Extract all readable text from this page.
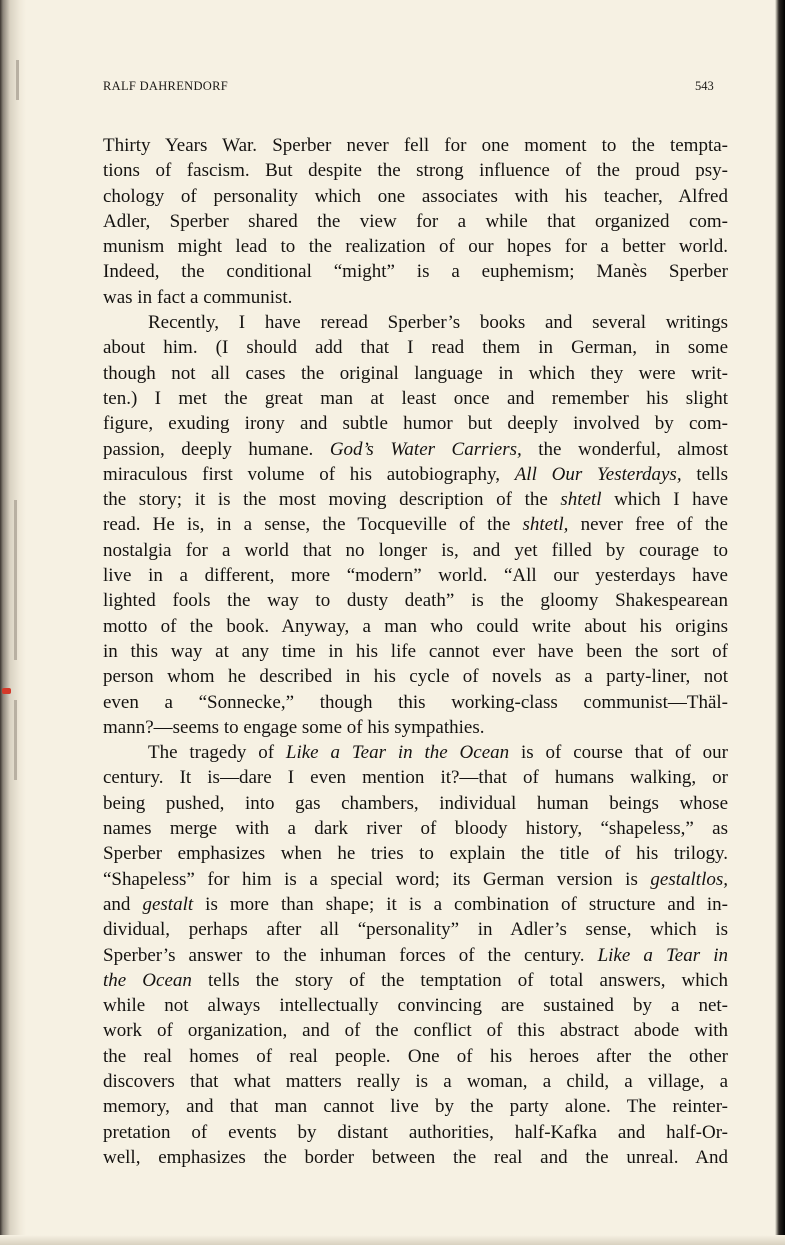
RALF DAHRENDORF	543
Thirty Years War. Sperber never fell for one moment to the tempta-
tions of fascism. But despite the strong influence of the proud psy-
chology of personality which one associates with his teacher, Alfred
Adler, Sperber shared the view for a while that organized com-
munism might lead to the realization of our hopes for a better world.
Indeed, the conditional “might” is a euphemism; Manès Sperber
was in fact a communist.
Recently, I have reread Sperber’s books and several writings
about him. (I should add that I read them in German, in some
though not all cases the original language in which they were writ-
ten.) I met the great man at least once and remember his slight
figure, exuding irony and subtle humor but deeply involved by com-
passion, deeply humane. God’s Water Carriers, the wonderful, almost
miraculous first volume of his autobiography, All Our Yesterdays, tells
the story; it is the most moving description of the shtetl which I have
read. He is, in a sense, the Tocqueville of the shtetl, never free of the
nostalgia for a world that no longer is, and yet filled by courage to
live in a different, more “modern” world. “All our yesterdays have
lighted fools the way to dusty death” is the gloomy Shakespearean
motto of the book. Anyway, a man who could write about his origins
in this way at any time in his life cannot ever have been the sort of
person whom he described in his cycle of novels as a party-liner, not
even a “Sonnecke,” though this working-class communist—Thäl-
mann?—seems to engage some of his sympathies.
The tragedy of Like a Tear in the Ocean is of course that of our
century. It is—dare I even mention it?—that of humans walking, or
being pushed, into gas chambers, individual human beings whose
names merge with a dark river of bloody history, “shapeless,” as
Sperber emphasizes when he tries to explain the title of his trilogy.
“Shapeless” for him is a special word; its German version is gestaltlos,
and gestalt is more than shape; it is a combination of structure and in-
dividual, perhaps after all “personality” in Adler’s sense, which is
Sperber’s answer to the inhuman forces of the century. Like a Tear in
the Ocean tells the story of the temptation of total answers, which
while not always intellectually convincing are sustained by a net-
work of organization, and of the conflict of this abstract abode with
the real homes of real people. One of his heroes after the other
discovers that what matters really is a woman, a child, a village, a
memory, and that man cannot live by the party alone. The reinter-
pretation of events by distant authorities, half-Kafka and half-Or-
well, emphasizes the border between the real and the unreal. And
